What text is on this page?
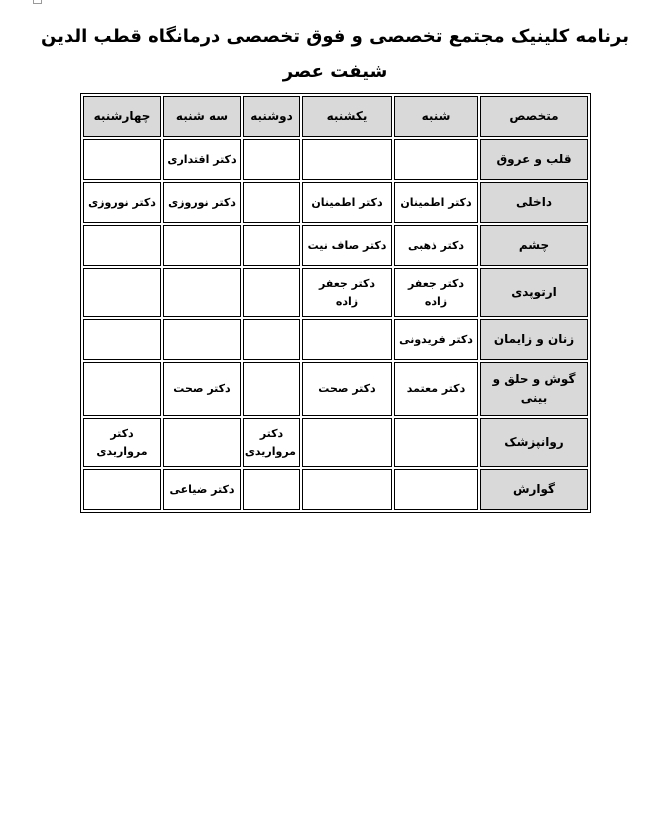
برنامه کلینیک مجتمع تخصصی و فوق تخصصی درمانگاه قطب الدین
شیفت عصر
متخصص	شنبه	یکشنبه	دوشنبه	سه شنبه	چهارشنبه
قلب و عروق				دکتر اقتداری	
داخلی	دکتر اطمینان	دکتر اطمینان		دکتر نوروزی	دکتر نوروزی
چشم	دکتر ذهبی	دکتر صاف نیت			
ارتوپدی	دکتر جعفر زاده	دکتر جعفر زاده			
زنان و زایمان	دکتر فریدونی				
گوش و حلق و بینی	دکتر معتمد	دکتر صحت		دکتر صحت	
روانپزشک			دکتر مرواریدی		دکتر مرواریدی
گوارش				دکتر ضیاعی	
